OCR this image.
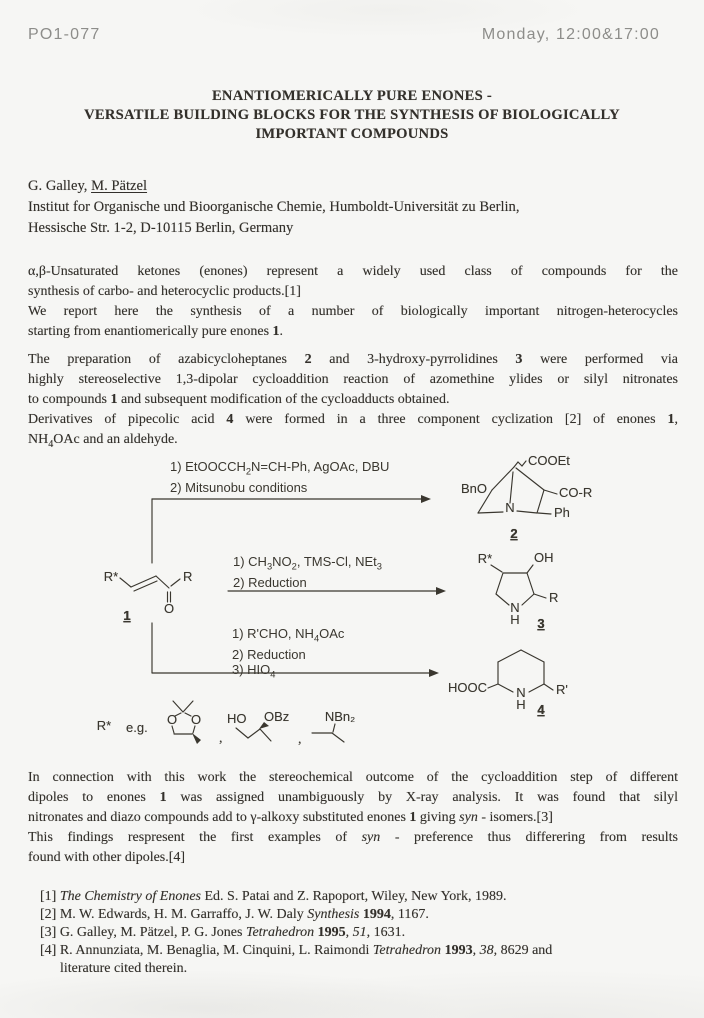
PO1-077	Monday, 12:00&17:00
ENANTIOMERICALLY PURE ENONES -
VERSATILE BUILDING BLOCKS FOR THE SYNTHESIS OF BIOLOGICALLY
IMPORTANT COMPOUNDS
G. Galley, M. Pätzel
Institut for Organische und Bioorganische Chemie, Humboldt-Universität zu Berlin,
Hessische Str. 1-2, D-10115 Berlin, Germany
α,β-Unsaturated ketones (enones) represent a widely used class of compounds for the
synthesis of carbo- and heterocyclic products.[1]
We report here the synthesis of a number of biologically important nitrogen-heterocycles
starting from enantiomerically pure enones 1.
The preparation of azabicycloheptanes 2 and 3-hydroxy-pyrrolidines 3 were performed via
highly stereoselective 1,3-dipolar cycloaddition reaction of azomethine ylides or silyl nitronates
to compounds 1 and subsequent modification of the cycloadducts obtained.
Derivatives of pipecolic acid 4 were formed in a three component cyclization [2] of enones 1,
$NH_4OAc$ and an aldehyde.
R*
O
R
1
COOEt
BnO
N
CO-R
Ph
2
R*	OH
R
N
H 3
HOOC	R'
N
H 4
R* e.g.
O O
,
HO OBz
,
NBn₂
1) EtOOCCH$_2$N=CH-Ph, AgOAc, DBU
2) Mitsunobu conditions
1) $CH_3NO_2$, TMS-Cl, NEt$_3$
2) Reduction
1) R'CHO, $NH_4OAc$
2) Reduction
3) $HIO_4$
In connection with this work the stereochemical outcome of the cycloaddition step of different
dipoles to enones 1 was assigned unambiguously by X-ray analysis. It was found that silyl
nitronates and diazo compounds add to γ-alkoxy substituted enones 1 giving syn - isomers.[3]
This findings respresent the first examples of syn - preference thus differering from results
found with other dipoles.[4]
[1] The Chemistry of Enones Ed. S. Patai and Z. Rapoport, Wiley, New York, 1989.
[2] M. W. Edwards, H. M. Garraffo, J. W. Daly Synthesis 1994, 1167.
[3] G. Galley, M. Pätzel, P. G. Jones Tetrahedron 1995, 51, 1631.
[4] R. Annunziata, M. Benaglia, M. Cinquini, L. Raimondi Tetrahedron 1993, 38, 8629 and
literature cited therein.
